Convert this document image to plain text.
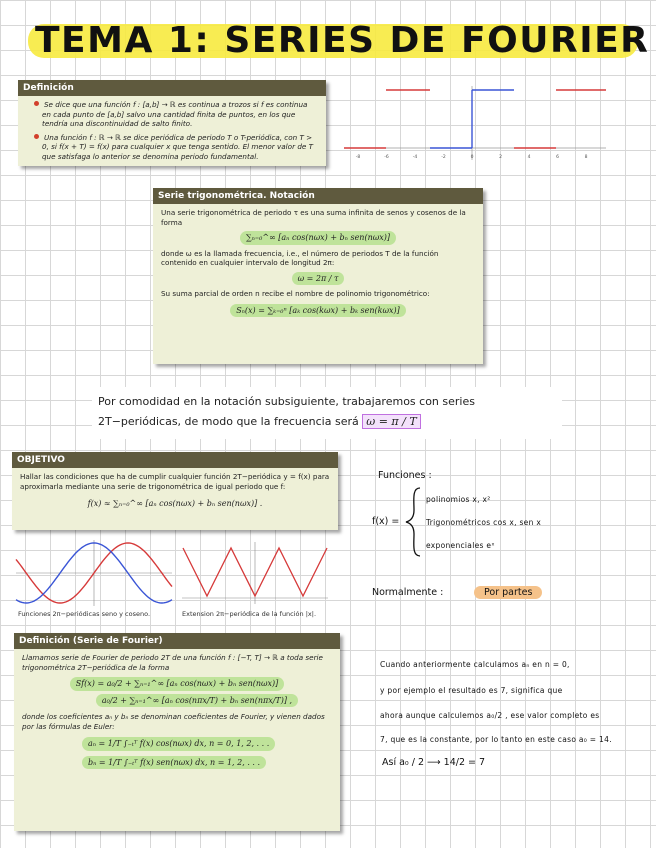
TEMA 1: SERIES DE FOURIER
Definición
Se dice que una función f : [a,b] → ℝ es continua a trozos si f es continua en cada punto de [a,b] salvo una cantidad finita de puntos, en los que tendría una discontinuidad de salto finito.
Una función f : ℝ → ℝ se dice periódica de periodo T o T-periódica, con T > 0, si f(x + T) = f(x) para cualquier x que tenga sentido. El menor valor de T que satisfaga lo anterior se denomina periodo fundamental.	-8	-6	-4	-2	0	2	4	6	8
Serie trigonométrica. Notación
Una serie trigonométrica de periodo τ es una suma infinita de senos y cosenos de la forma
∑ₙ₌₀^∞ [aₙ cos(nωx) + bₙ sen(nωx)]
donde ω es la llamada frecuencia, i.e., el número de periodos T de la función contenido en cualquier intervalo de longitud 2π:
ω = 2π / τ
Su suma parcial de orden n recibe el nombre de polinomio trigonométrico:
Sₙ(x) = ∑ₖ₌₀ⁿ [aₖ cos(kωx) + bₖ sen(kωx)]
Por comodidad en la notación subsiguiente, trabajaremos con series
2T−periódicas, de modo que la frecuencia será ω = π / T
OBJETIVO
Hallar las condiciones que ha de cumplir cualquier función 2T−periódica y = f(x) para aproximarla mediante una serie de trigonométrica de igual periodo que f:
f(x) ≈ ∑ₙ₌₀^∞ [aₙ cos(nωx) + bₙ sen(nωx)] .
Funciones 2π−periódicas seno y coseno.	Extension 2π−periódica de la función |x|.
Definición (Serie de Fourier)
Llamamos serie de Fourier de periodo 2T de una función f : [−T, T] → ℝ a toda serie trigonométrica 2T−periódica de la forma
Sf(x) = a₀/2 + ∑ₙ₌₁^∞ [aₙ cos(nωx) + bₙ sen(nωx)]
a₀/2 + ∑ₙ₌₁^∞ [aₙ cos(nπx/T) + bₙ sen(nπx/T)] ,
donde los coeficientes aₙ y bₙ se denominan coeficientes de Fourier, y vienen dados por las fórmulas de Euler:
aₙ = 1/T ∫₋ₜᵀ f(x) cos(nωx) dx, n = 0, 1, 2, . . .
bₙ = 1/T ∫₋ₜᵀ f(x) sen(nωx) dx, n = 1, 2, . . .
Funciones :
f(x) =
polinomios x, x²
Trigonométricos cos x, sen x
exponenciales eˣ
Normalmente :	Por partes
Cuando anteriormente calculamos aₙ en n = 0,
y por ejemplo el resultado es 7, significa que
ahora aunque calculemos a₀/2 , ese valor completo es
7, que es la constante, por lo tanto en este caso a₀ = 14.
Así a₀ / 2 ⟶ 14/2 = 7
